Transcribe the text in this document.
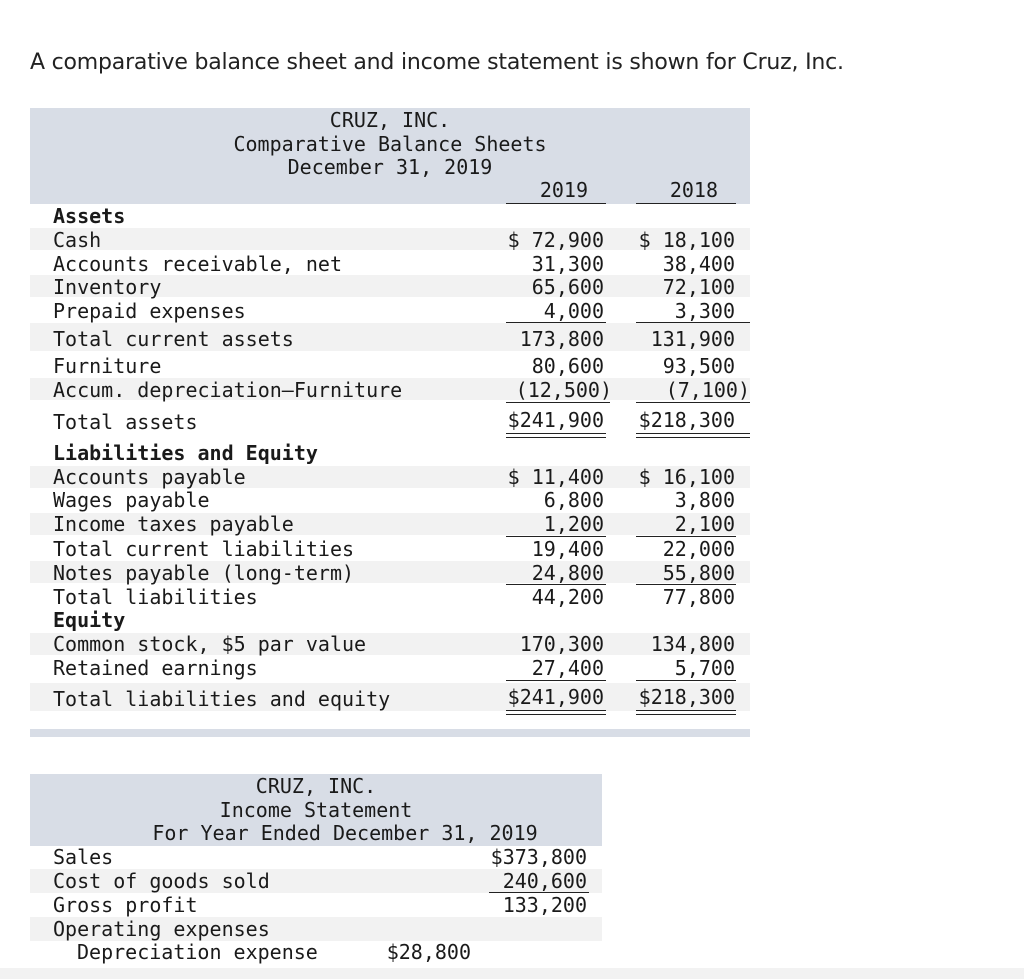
A comparative balance sheet and income statement is shown for Cruz, Inc.
CRUZ, INC.
Comparative Balance Sheets
December 31, 2019
2019	2018
Assets
Cash	$ 72,900 $ 18,100
Accounts receivable, net	31,300	38,400
Inventory	65,600	72,100
Prepaid expenses	4,000	3,300
Total current assets	173,800 131,900
Furniture	80,600	93,500
Accum. depreciation—Furniture	(12,500)	(7,100)
Total assets	$241,900 $218,300
Liabilities and Equity
Accounts payable	$ 11,400 $ 16,100
Wages payable	6,800	3,800
Income taxes payable	1,200	2,100
Total current liabilities	19,400	22,000
Notes payable (long-term)	24,800	55,800
Total liabilities	44,200	77,800
Equity
Common stock, $5 par value	170,300 134,800
Retained earnings	27,400	5,700
Total liabilities and equity	$241,900 $218,300
CRUZ, INC.
Income Statement
For Year Ended December 31, 2019
Sales	$373,800
Cost of goods sold	240,600
Gross profit	133,200
Operating expenses
Depreciation expense	$28,800
